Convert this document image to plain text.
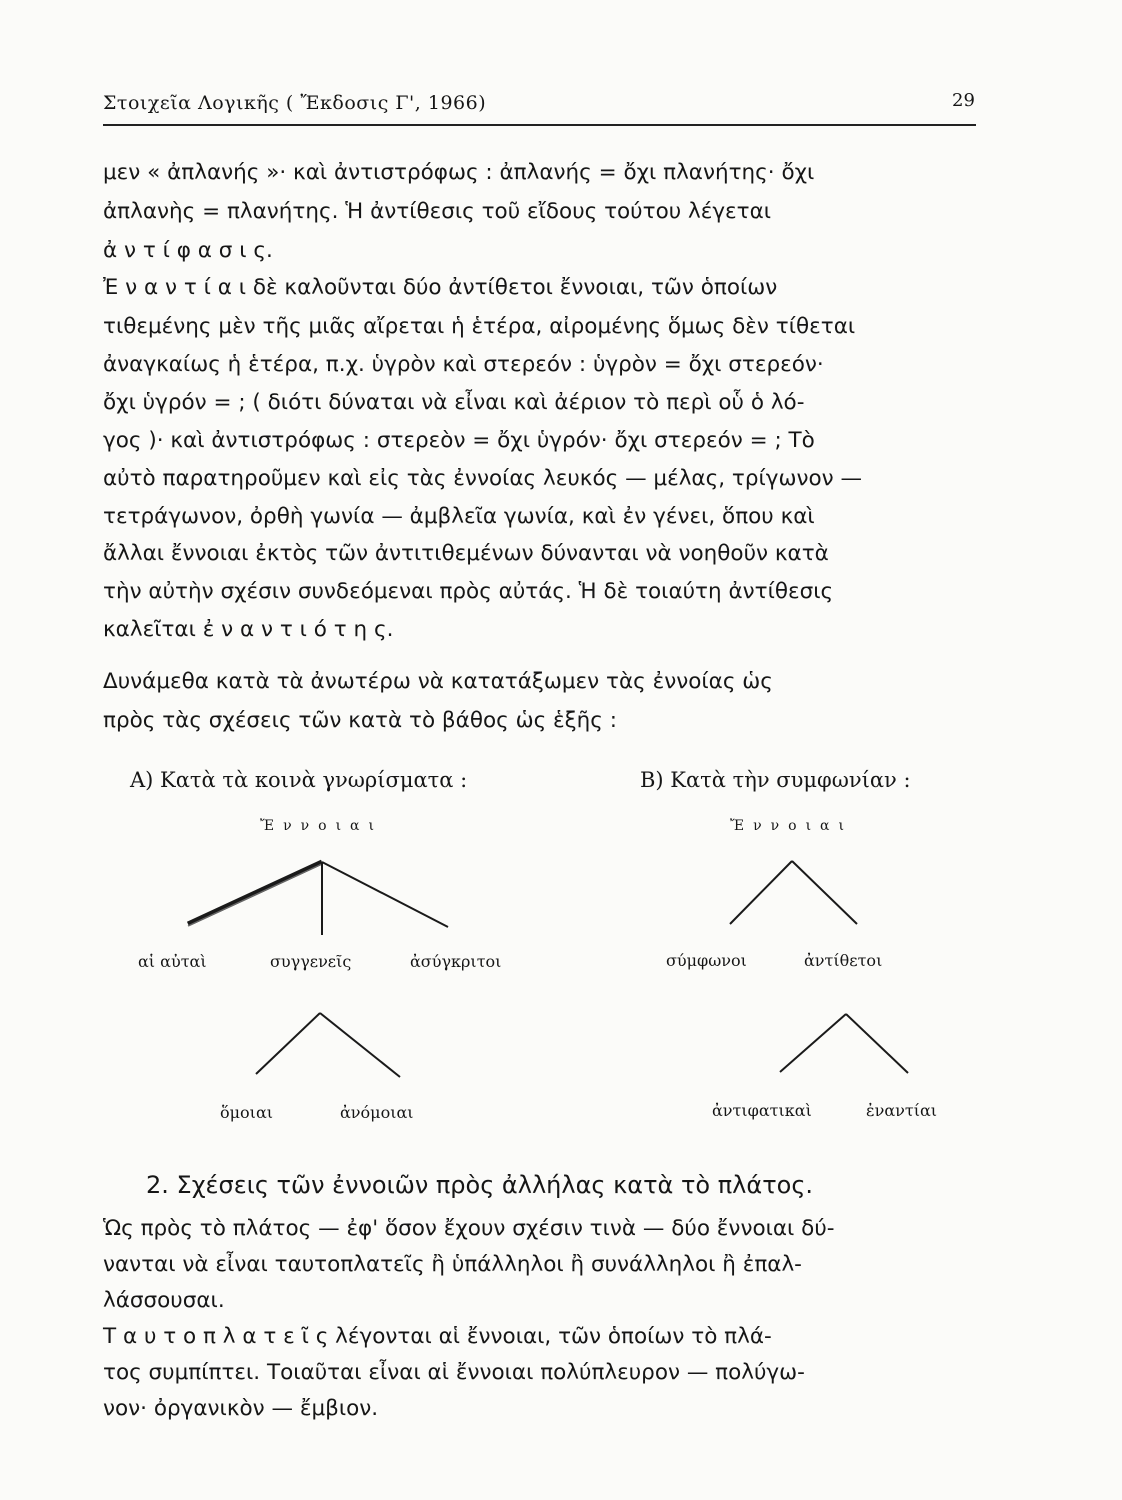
Στοιχεῖα Λογικῆς ( Ἔκδοσις Γ', 1966)	29
μεν « ἀπλανής »· καὶ ἀντιστρόφως : ἀπλανής = ὄχι πλανήτης· ὄχι
ἀπλανὴς = πλανήτης. Ἡ ἀντίθεσις τοῦ εἴδους τούτου λέγεται
ἀ ν τ ί φ α σ ι ς.
Ἐ ν α ν τ ί α ι δὲ καλοῦνται δύο ἀντίθετοι ἔννοιαι, τῶν ὁποίων
τιθεμένης μὲν τῆς μιᾶς αἴρεται ἡ ἑτέρα, αἰρομένης ὅμως δὲν τίθεται
ἀναγκαίως ἡ ἑτέρα, π.χ. ὑγρὸν καὶ στερεόν : ὑγρὸν = ὄχι στερεόν·
ὄχι ὑγρόν = ; ( διότι δύναται νὰ εἶναι καὶ ἀέριον τὸ περὶ οὗ ὁ λό-
γος )· καὶ ἀντιστρόφως : στερεὸν = ὄχι ὑγρόν· ὄχι στερεόν = ; Τὸ
αὐτὸ παρατηροῦμεν καὶ εἰς τὰς ἐννοίας λευκός — μέλας, τρίγωνον —
τετράγωνον, ὀρθὴ γωνία — ἀμβλεῖα γωνία, καὶ ἐν γένει, ὅπου καὶ
ἄλλαι ἔννοιαι ἐκτὸς τῶν ἀντιτιθεμένων δύνανται νὰ νοηθοῦν κατὰ
τὴν αὐτὴν σχέσιν συνδεόμεναι πρὸς αὐτάς. Ἡ δὲ τοιαύτη ἀντίθεσις
καλεῖται ἐ ν α ν τ ι ό τ η ς.
Δυνάμεθα κατὰ τὰ ἀνωτέρω νὰ κατατάξωμεν τὰς ἐννοίας ὡς
πρὸς τὰς σχέσεις τῶν κατὰ τὸ βάθος ὡς ἑξῆς :
Α) Κατὰ τὰ κοινὰ γνωρίσματα :	Β) Κατὰ τὴν συμφωνίαν :
Ἔννοιαι	Ἔννοιαι
αἱ αὐταὶ	συγγενεῖς	ἀσύγκριτοι
ὅμοιαι	ἀνόμοιαι
σύμφωνοι	ἀντίθετοι
ἀντιφατικαὶ	ἐναντίαι
2. Σχέσεις τῶν ἐννοιῶν πρὸς ἀλλήλας κατὰ τὸ πλάτος.
Ὡς πρὸς τὸ πλάτος — ἐφ' ὅσον ἔχουν σχέσιν τινὰ — δύο ἔννοιαι δύ-
νανται νὰ εἶναι ταυτοπλατεῖς ἢ ὑπάλληλοι ἢ συνάλληλοι ἢ ἐπαλ-
λάσσουσαι.
Τ α υ τ ο π λ α τ ε ῖ ς λέγονται αἱ ἔννοιαι, τῶν ὁποίων τὸ πλά-
τος συμπίπτει. Τοιαῦται εἶναι αἱ ἔννοιαι πολύπλευρον — πολύγω-
νον· ὀργανικὸν — ἔμβιον.
